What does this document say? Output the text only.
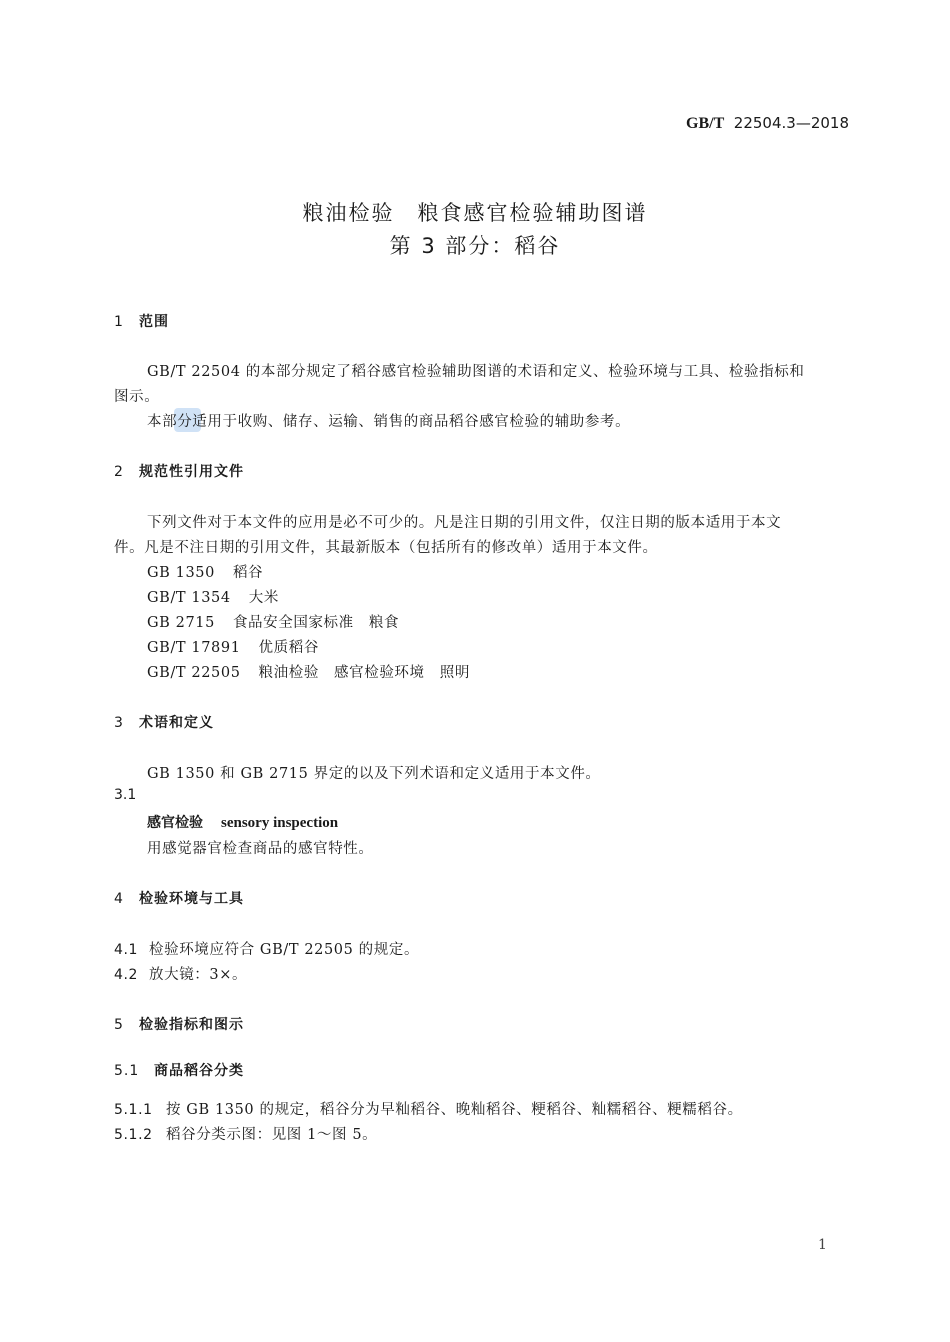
GB/T 22504.3—2018
粮油检验　粮食感官检验辅助图谱
第 3 部分：稻谷
1 范围
GB/T 22504 的本部分规定了稻谷感官检验辅助图谱的术语和定义、检验环境与工具、检验指标和
图示。
本部分适用于收购、储存、运输、销售的商品稻谷感官检验的辅助参考。
2 规范性引用文件
下列文件对于本文件的应用是必不可少的。凡是注日期的引用文件，仅注日期的版本适用于本文
件。凡是不注日期的引用文件，其最新版本（包括所有的修改单）适用于本文件。
GB 1350 稻谷
GB/T 1354 大米
GB 2715 食品安全国家标准　粮食
GB/T 17891 优质稻谷
GB/T 22505 粮油检验　感官检验环境　照明
3 术语和定义
GB 1350 和 GB 2715 界定的以及下列术语和定义适用于本文件。
3.1
感官检验 sensory inspection
用感觉器官检查商品的感官特性。
4 检验环境与工具
4.1 检验环境应符合 GB/T 22505 的规定。
4.2 放大镜：3×。
5 检验指标和图示
5.1 商品稻谷分类
5.1.1 按 GB 1350 的规定，稻谷分为早籼稻谷、晚籼稻谷、粳稻谷、籼糯稻谷、粳糯稻谷。
5.1.2 稻谷分类示图：见图 1～图 5。
1
